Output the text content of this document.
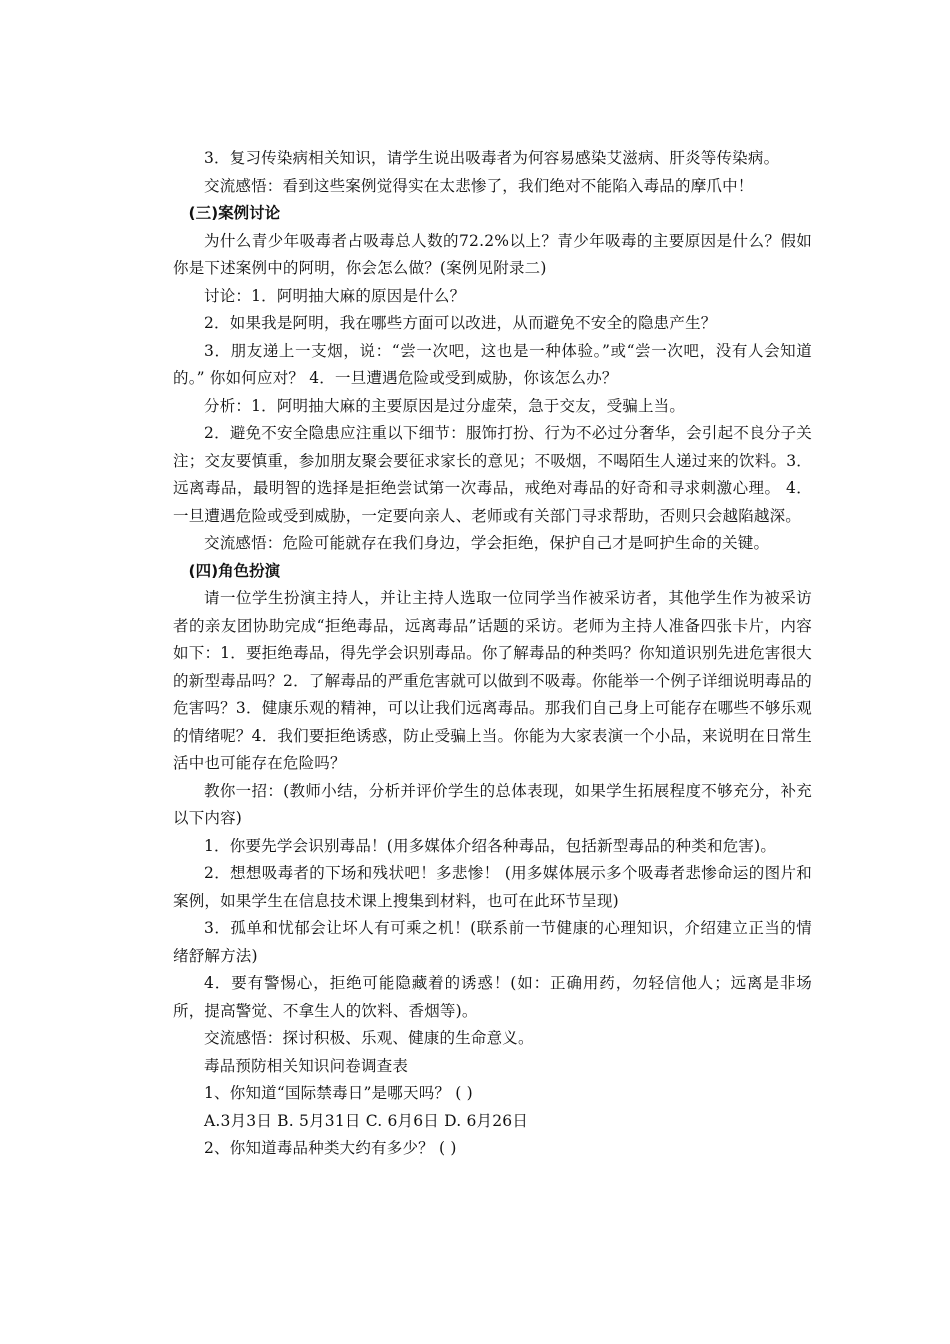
3．复习传染病相关知识，请学生说出吸毒者为何容易感染艾滋病、肝炎等传染病。

交流感悟：看到这些案例觉得实在太悲惨了，我们绝对不能陷入毒品的摩爪中！

(三)案例讨论

为什么青少年吸毒者占吸毒总人数的72.2%以上？青少年吸毒的主要原因是什么？假如你是下述案例中的阿明，你会怎么做？(案例见附录二)

讨论：1．阿明抽大麻的原因是什么？

2．如果我是阿明，我在哪些方面可以改进，从而避免不安全的隐患产生？

3．朋友递上一支烟，说：“尝一次吧，这也是一种体验。”或“尝一次吧，没有人会知道的。” 你如何应对？ 4．一旦遭遇危险或受到威胁，你该怎么办？

分析：1．阿明抽大麻的主要原因是过分虚荣，急于交友，受骗上当。

2．避免不安全隐患应注重以下细节：服饰打扮、行为不必过分奢华，会引起不良分子关注；交友要慎重，参加朋友聚会要征求家长的意见；不吸烟，不喝陌生人递过来的饮料。3．远离毒品，最明智的选择是拒绝尝试第一次毒品，戒绝对毒品的好奇和寻求刺激心理。 4．一旦遭遇危险或受到威胁，一定要向亲人、老师或有关部门寻求帮助，否则只会越陷越深。

交流感悟：危险可能就存在我们身边，学会拒绝，保护自己才是呵护生命的关键。

(四)角色扮演

请一位学生扮演主持人，并让主持人选取一位同学当作被采访者，其他学生作为被采访者的亲友团协助完成“拒绝毒品，远离毒品”话题的采访。老师为主持人准备四张卡片，内容如下：1．要拒绝毒品，得先学会识别毒品。你了解毒品的种类吗？你知道识别先进危害很大的新型毒品吗？2．了解毒品的严重危害就可以做到不吸毒。你能举一个例子详细说明毒品的危害吗？3．健康乐观的精神，可以让我们远离毒品。那我们自己身上可能存在哪些不够乐观的情绪呢？4．我们要拒绝诱惑，防止受骗上当。你能为大家表演一个小品，来说明在日常生活中也可能存在危险吗？

教你一招：(教师小结，分析并评价学生的总体表现，如果学生拓展程度不够充分，补充以下内容)

1．你要先学会识别毒品！(用多媒体介绍各种毒品，包括新型毒品的种类和危害)。

2．想想吸毒者的下场和残状吧！多悲惨！ (用多媒体展示多个吸毒者悲惨命运的图片和案例，如果学生在信息技术课上搜集到材料，也可在此环节呈现)

3．孤单和忧郁会让坏人有可乘之机！(联系前一节健康的心理知识，介绍建立正当的情绪舒解方法)

4．要有警惕心，拒绝可能隐藏着的诱惑！(如：正确用药，勿轻信他人；远离是非场所，提高警觉、不拿生人的饮料、香烟等)。

交流感悟：探讨积极、乐观、健康的生命意义。

毒品预防相关知识问卷调查表

1、你知道“国际禁毒日”是哪天吗？ ( )

A.3月3日 B. 5月31日 C. 6月6日 D. 6月26日

2、你知道毒品种类大约有多少？ ( )
